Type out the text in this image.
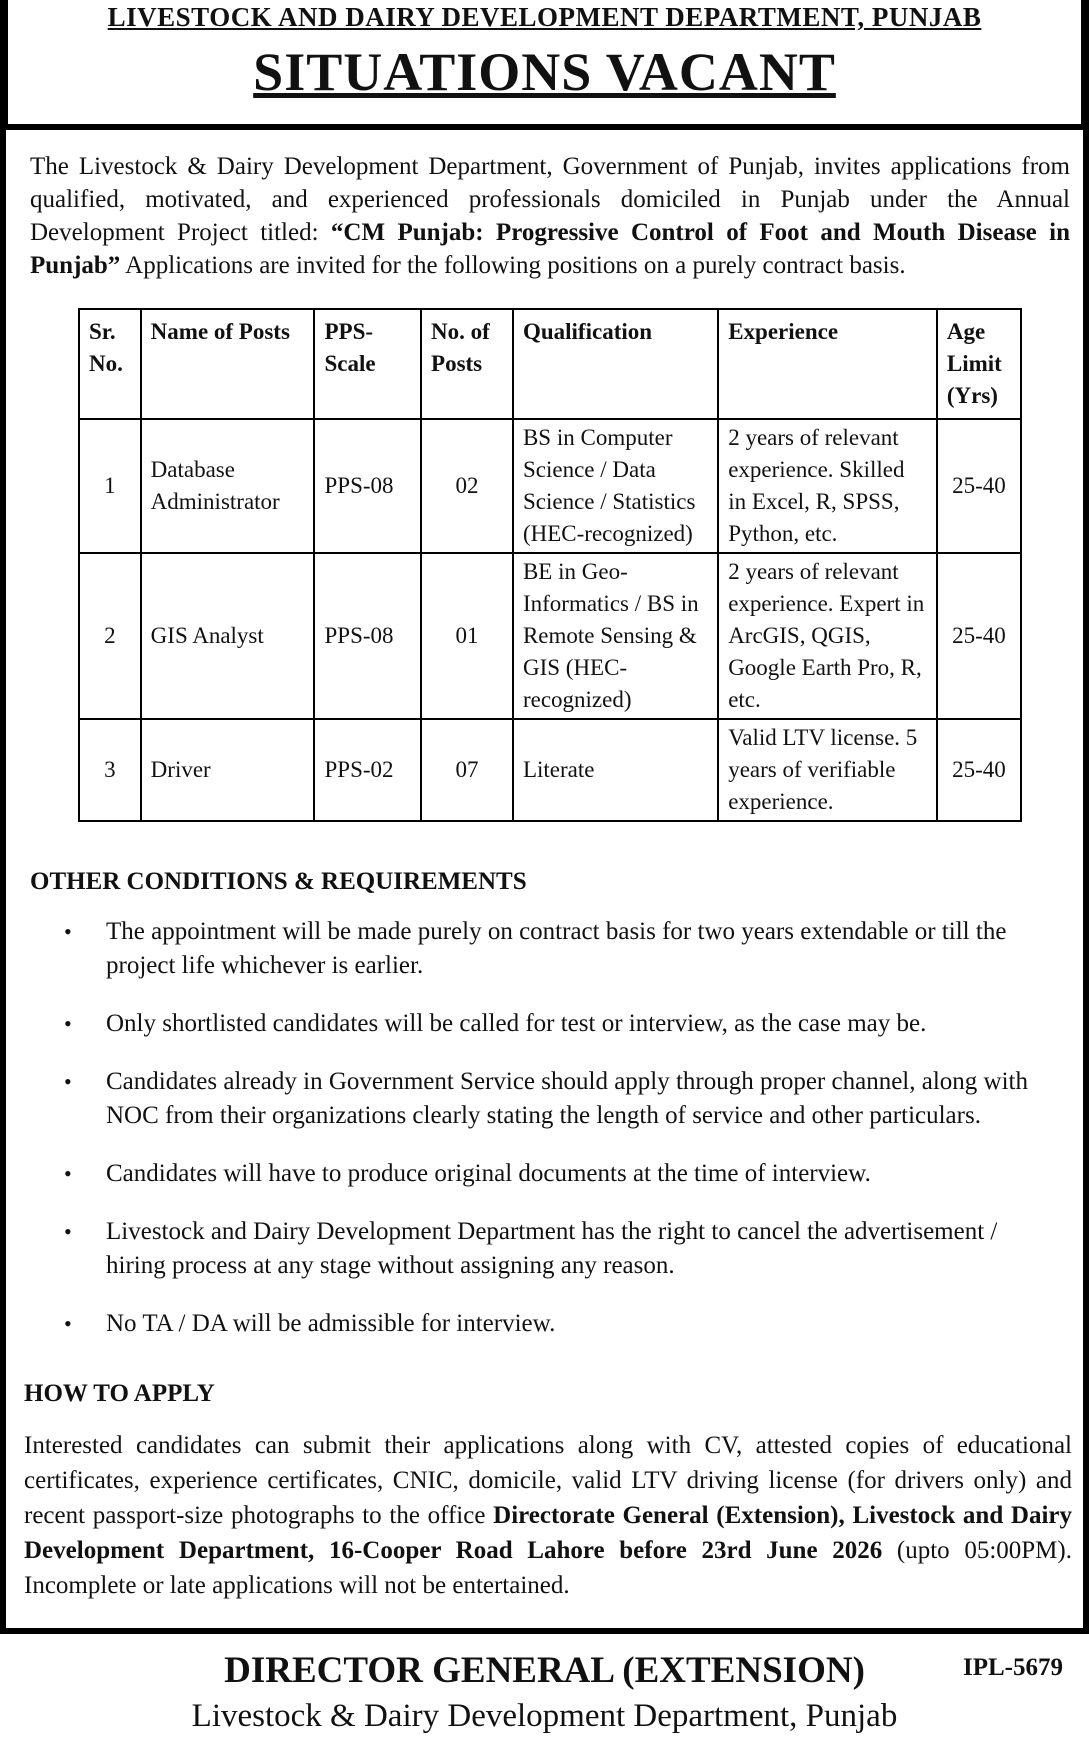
LIVESTOCK AND DAIRY DEVELOPMENT DEPARTMENT, PUNJAB
SITUATIONS VACANT
The Livestock & Dairy Development Department, Government of Punjab, invites applications from qualified, motivated, and experienced professionals domiciled in Punjab under the Annual Development Project titled: “CM Punjab: Progressive Control of Foot and Mouth Disease in Punjab” Applications are invited for the following positions on a purely contract basis.
Sr. No.	Name of Posts	PPS-Scale	No. of Posts	Qualification	Experience	Age Limit (Yrs)
1	Database Administrator	PPS-08	02	BS in Computer Science / Data Science / Statistics (HEC-recognized)	2 years of relevant experience. Skilled in Excel, R, SPSS, Python, etc.	25-40
2	GIS Analyst	PPS-08	01	BE in Geo-Informatics / BS in Remote Sensing & GIS (HEC-recognized)	2 years of relevant experience. Expert in ArcGIS, QGIS, Google Earth Pro, R, etc.	25-40
3	Driver	PPS-02	07	Literate	Valid LTV license. 5 years of verifiable experience.	25-40
OTHER CONDITIONS & REQUIREMENTS
• The appointment will be made purely on contract basis for two years extendable or till the project life whichever is earlier.
• Only shortlisted candidates will be called for test or interview, as the case may be.
• Candidates already in Government Service should apply through proper channel, along with NOC from their organizations clearly stating the length of service and other particulars.
• Candidates will have to produce original documents at the time of interview.
• Livestock and Dairy Development Department has the right to cancel the advertisement / hiring process at any stage without assigning any reason.
• No TA / DA will be admissible for interview.
HOW TO APPLY
Interested candidates can submit their applications along with CV, attested copies of educational certificates, experience certificates, CNIC, domicile, valid LTV driving license (for drivers only) and recent passport-size photographs to the office Directorate General (Extension), Livestock and Dairy Development Department, 16-Cooper Road Lahore before 23rd June 2026 (upto 05:00PM). Incomplete or late applications will not be entertained.
DIRECTOR GENERAL (EXTENSION)
Livestock & Dairy Development Department, Punjab
IPL-5679
